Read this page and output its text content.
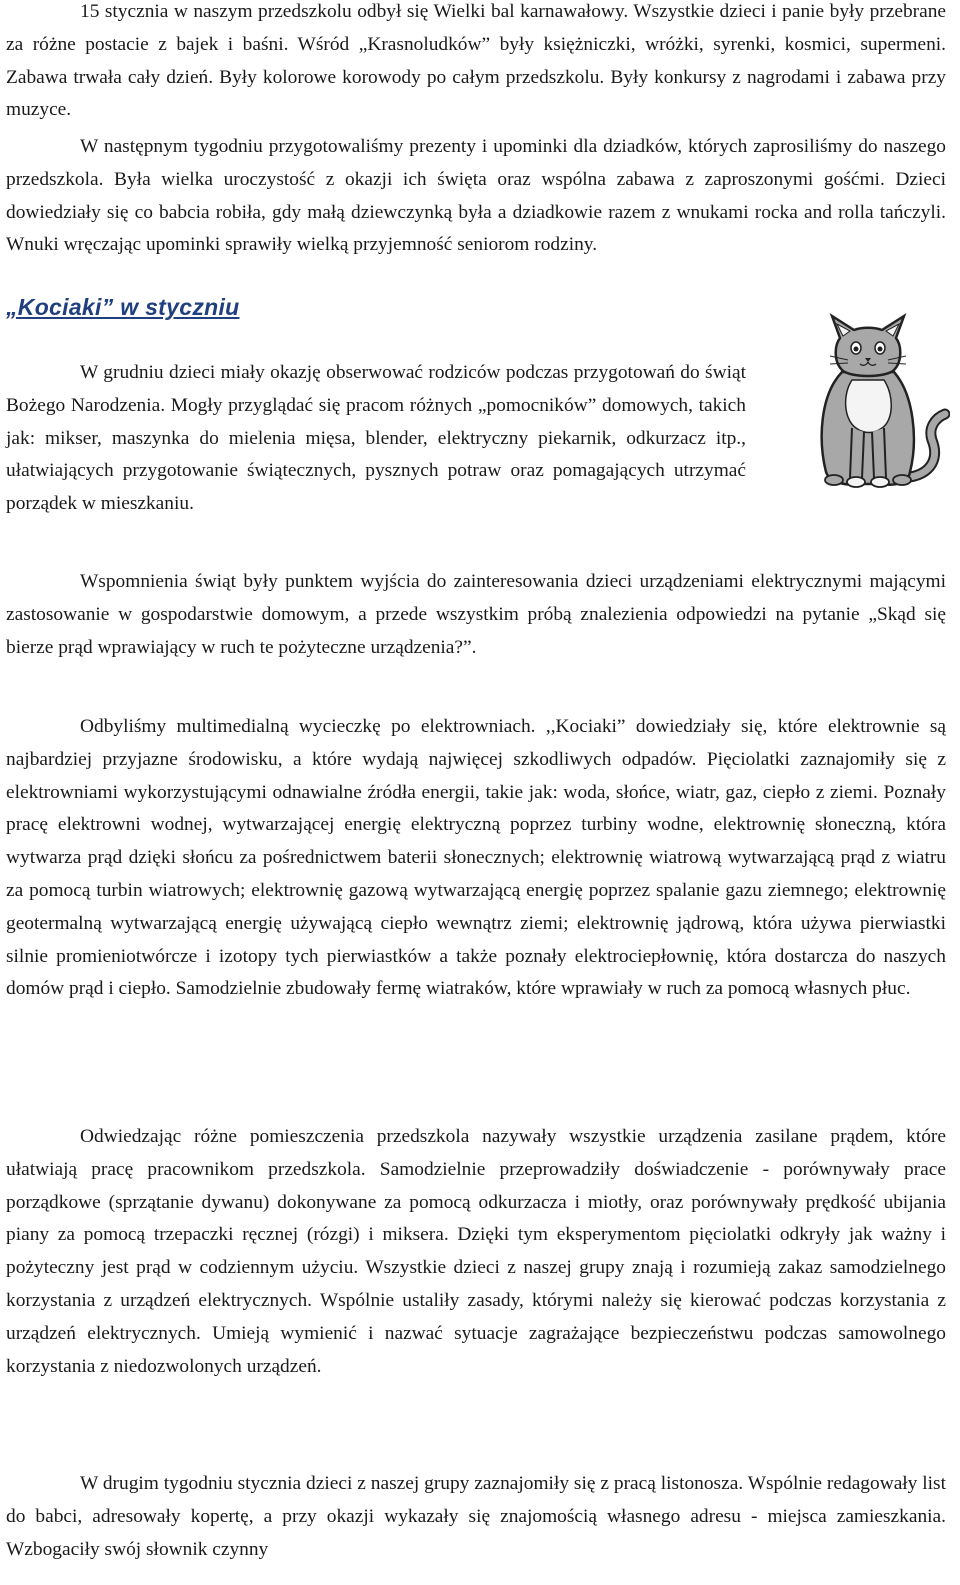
15 stycznia w naszym przedszkolu odbył się Wielki bal karnawałowy. Wszystkie dzieci i panie były przebrane za różne postacie z bajek i baśni. Wśród „Krasnoludków” były księżniczki, wróżki, syrenki, kosmici, supermeni. Zabawa trwała cały dzień. Były kolorowe korowody po całym przedszkolu. Były konkursy z nagrodami i zabawa przy muzyce.

W następnym tygodniu przygotowaliśmy prezenty i upominki dla dziadków, których zaprosiliśmy do naszego przedszkola. Była wielka uroczystość z okazji ich święta oraz wspólna zabawa z zaproszonymi gośćmi. Dzieci dowiedziały się co babcia robiła, gdy małą dziewczynką była a dziadkowie razem z wnukami rocka and rolla tańczyli. Wnuki wręczając upominki sprawiły wielką przyjemność seniorom rodziny.

„Kociaki” w styczniu

W grudniu dzieci miały okazję obserwować rodziców podczas przygotowań do świąt Bożego Narodzenia. Mogły przyglądać się pracom różnych „pomocników” domowych, takich jak: mikser, maszynka do mielenia mięsa, blender, elektryczny piekarnik, odkurzacz itp., ułatwiających przygotowanie świątecznych, pysznych potraw oraz pomagających utrzymać porządek w mieszkaniu.

Wspomnienia świąt były punktem wyjścia do zainteresowania dzieci urządzeniami elektrycznymi mającymi zastosowanie w gospodarstwie domowym, a przede wszystkim próbą znalezienia odpowiedzi na pytanie „Skąd się bierze prąd wprawiający w ruch te pożyteczne urządzenia?”.

Odbyliśmy multimedialną wycieczkę po elektrowniach. ,,Kociaki” dowiedziały się, które elektrownie są najbardziej przyjazne środowisku, a które wydają najwięcej szkodliwych odpadów. Pięciolatki zaznajomiły się z elektrowniami wykorzystującymi odnawialne źródła energii, takie jak: woda, słońce, wiatr, gaz, ciepło z ziemi. Poznały pracę elektrowni wodnej, wytwarzającej energię elektryczną poprzez turbiny wodne, elektrownię słoneczną, która wytwarza prąd dzięki słońcu za pośrednictwem baterii słonecznych; elektrownię wiatrową wytwarzającą prąd z wiatru za pomocą turbin wiatrowych; elektrownię gazową wytwarzającą energię poprzez spalanie gazu ziemnego; elektrownię geotermalną wytwarzającą energię używającą ciepło wewnątrz ziemi; elektrownię jądrową, która używa pierwiastki silnie promieniotwórcze i izotopy tych pierwiastków a także poznały elektrociepłownię, która dostarcza do naszych domów prąd i ciepło. Samodzielnie zbudowały fermę wiatraków, które wprawiały w ruch za pomocą własnych płuc.

Odwiedzając różne pomieszczenia przedszkola nazywały wszystkie urządzenia zasilane prądem, które ułatwiają pracę pracownikom przedszkola. Samodzielnie przeprowadziły doświadczenie - porównywały prace porządkowe (sprzątanie dywanu) dokonywane za pomocą odkurzacza i miotły, oraz porównywały prędkość ubijania piany za pomocą trzepaczki ręcznej (rózgi) i miksera. Dzięki tym eksperymentom pięciolatki odkryły jak ważny i pożyteczny jest prąd w codziennym użyciu. Wszystkie dzieci z naszej grupy znają i rozumieją zakaz samodzielnego korzystania z urządzeń elektrycznych. Wspólnie ustaliły zasady, którymi należy się kierować podczas korzystania z urządzeń elektrycznych. Umieją wymienić i nazwać sytuacje zagrażające bezpieczeństwu podczas samowolnego korzystania z niedozwolonych urządzeń.

W drugim tygodniu stycznia dzieci z naszej grupy zaznajomiły się z pracą listonosza. Wspólnie redagowały list do babci, adresowały kopertę, a przy okazji wykazały się znajomością własnego adresu - miejsca zamieszkania. Wzbogaciły swój słownik czynny
